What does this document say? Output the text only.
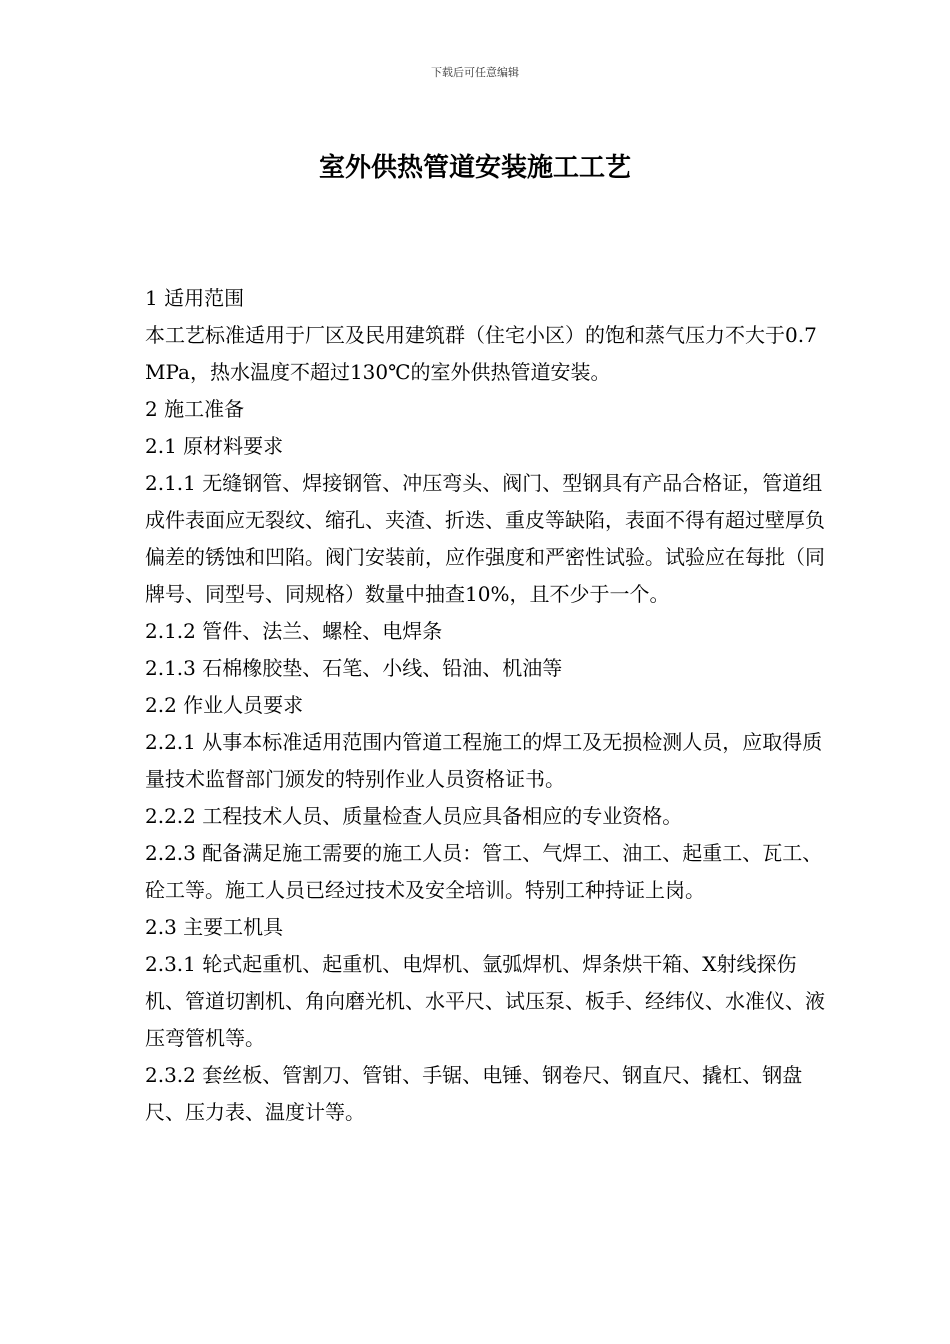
下载后可任意编辑
室外供热管道安装施工工艺

1 适用范围

本工艺标准适用于厂区及民用建筑群（住宅小区）的饱和蒸气压力不大于0.7MPa，热水温度不超过130℃的室外供热管道安装。

2 施工准备

2.1 原材料要求

2.1.1 无缝钢管、焊接钢管、冲压弯头、阀门、型钢具有产品合格证，管道组成件表面应无裂纹、缩孔、夹渣、折迭、重皮等缺陷，表面不得有超过壁厚负偏差的锈蚀和凹陷。阀门安装前，应作强度和严密性试验。试验应在每批（同牌号、同型号、同规格）数量中抽查10%，且不少于一个。

2.1.2 管件、法兰、螺栓、电焊条

2.1.3 石棉橡胶垫、石笔、小线、铅油、机油等

2.2 作业人员要求

2.2.1 从事本标准适用范围内管道工程施工的焊工及无损检测人员，应取得质量技术监督部门颁发的特别作业人员资格证书。

2.2.2 工程技术人员、质量检查人员应具备相应的专业资格。

2.2.3 配备满足施工需要的施工人员：管工、气焊工、油工、起重工、瓦工、砼工等。施工人员已经过技术及安全培训。特别工种持证上岗。

2.3 主要工机具

2.3.1 轮式起重机、起重机、电焊机、氩弧焊机、焊条烘干箱、X射线探伤机、管道切割机、角向磨光机、水平尺、试压泵、板手、经纬仪、水准仪、液压弯管机等。

2.3.2 套丝板、管割刀、管钳、手锯、电锤、钢卷尺、钢直尺、撬杠、钢盘尺、压力表、温度计等。
